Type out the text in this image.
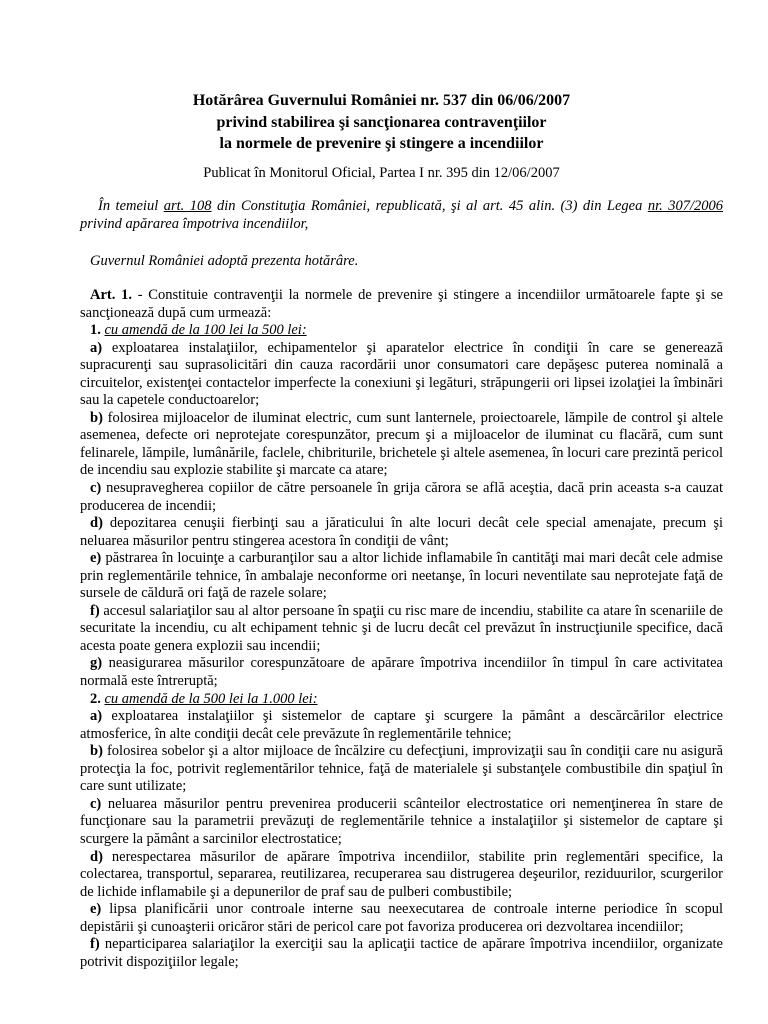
Hotărârea Guvernului României nr. 537 din 06/06/2007
privind stabilirea şi sancţionarea contravenţiilor
la normele de prevenire şi stingere a incendiilor
Publicat în Monitorul Oficial, Partea I nr. 395 din 12/06/2007
În temeiul art. 108 din Constituţia României, republicată, şi al art. 45 alin. (3) din Legea nr. 307/2006 privind apărarea împotriva incendiilor,
Guvernul României adoptă prezenta hotărâre.

Art. 1. - Constituie contravenţii la normele de prevenire şi stingere a incendiilor următoarele fapte şi se sancţionează după cum urmează:

1. cu amendă de la 100 lei la 500 lei:

a) exploatarea instalaţiilor, echipamentelor şi aparatelor electrice în condiţii în care se generează supracurenţi sau suprasolicitări din cauza racordării unor consumatori care depăşesc puterea nominală a circuitelor, existenţei contactelor imperfecte la conexiuni şi legături, străpungerii ori lipsei izolaţiei la îmbinări sau la capetele conductoarelor;

b) folosirea mijloacelor de iluminat electric, cum sunt lanternele, proiectoarele, lămpile de control şi altele asemenea, defecte ori neprotejate corespunzător, precum şi a mijloacelor de iluminat cu flacără, cum sunt felinarele, lămpile, lumânările, faclele, chibriturile, brichetele şi altele asemenea, în locuri care prezintă pericol de incendiu sau explozie stabilite şi marcate ca atare;

c) nesupravegherea copiilor de către persoanele în grija cărora se află aceştia, dacă prin aceasta s-a cauzat producerea de incendii;

d) depozitarea cenuşii fierbinţi sau a jăraticului în alte locuri decât cele special amenajate, precum şi neluarea măsurilor pentru stingerea acestora în condiţii de vânt;

e) păstrarea în locuinţe a carburanţilor sau a altor lichide inflamabile în cantităţi mai mari decât cele admise prin reglementările tehnice, în ambalaje neconforme ori neetanşe, în locuri neventilate sau neprotejate faţă de sursele de căldură ori faţă de razele solare;

f) accesul salariaţilor sau al altor persoane în spaţii cu risc mare de incendiu, stabilite ca atare în scenariile de securitate la incendiu, cu alt echipament tehnic şi de lucru decât cel prevăzut în instrucţiunile specifice, dacă acesta poate genera explozii sau incendii;

g) neasigurarea măsurilor corespunzătoare de apărare împotriva incendiilor în timpul în care activitatea normală este întreruptă;

2. cu amendă de la 500 lei la 1.000 lei:

a) exploatarea instalaţiilor şi sistemelor de captare şi scurgere la pământ a descărcărilor electrice atmosferice, în alte condiţii decât cele prevăzute în reglementările tehnice;

b) folosirea sobelor şi a altor mijloace de încălzire cu defecţiuni, improvizaţii sau în condiţii care nu asigură protecţia la foc, potrivit reglementărilor tehnice, faţă de materialele şi substanţele combustibile din spaţiul în care sunt utilizate;

c) neluarea măsurilor pentru prevenirea producerii scânteilor electrostatice ori nemenţinerea în stare de funcţionare sau la parametrii prevăzuţi de reglementările tehnice a instalaţiilor şi sistemelor de captare şi scurgere la pământ a sarcinilor electrostatice;

d) nerespectarea măsurilor de apărare împotriva incendiilor, stabilite prin reglementări specifice, la colectarea, transportul, separarea, reutilizarea, recuperarea sau distrugerea deşeurilor, reziduurilor, scurgerilor de lichide inflamabile şi a depunerilor de praf sau de pulberi combustibile;

e) lipsa planificării unor controale interne sau neexecutarea de controale interne periodice în scopul depistării şi cunoaşterii oricăror stări de pericol care pot favoriza producerea ori dezvoltarea incendiilor;

f) neparticiparea salariaţilor la exerciţii sau la aplicaţii tactice de apărare împotriva incendiilor, organizate potrivit dispoziţiilor legale;
